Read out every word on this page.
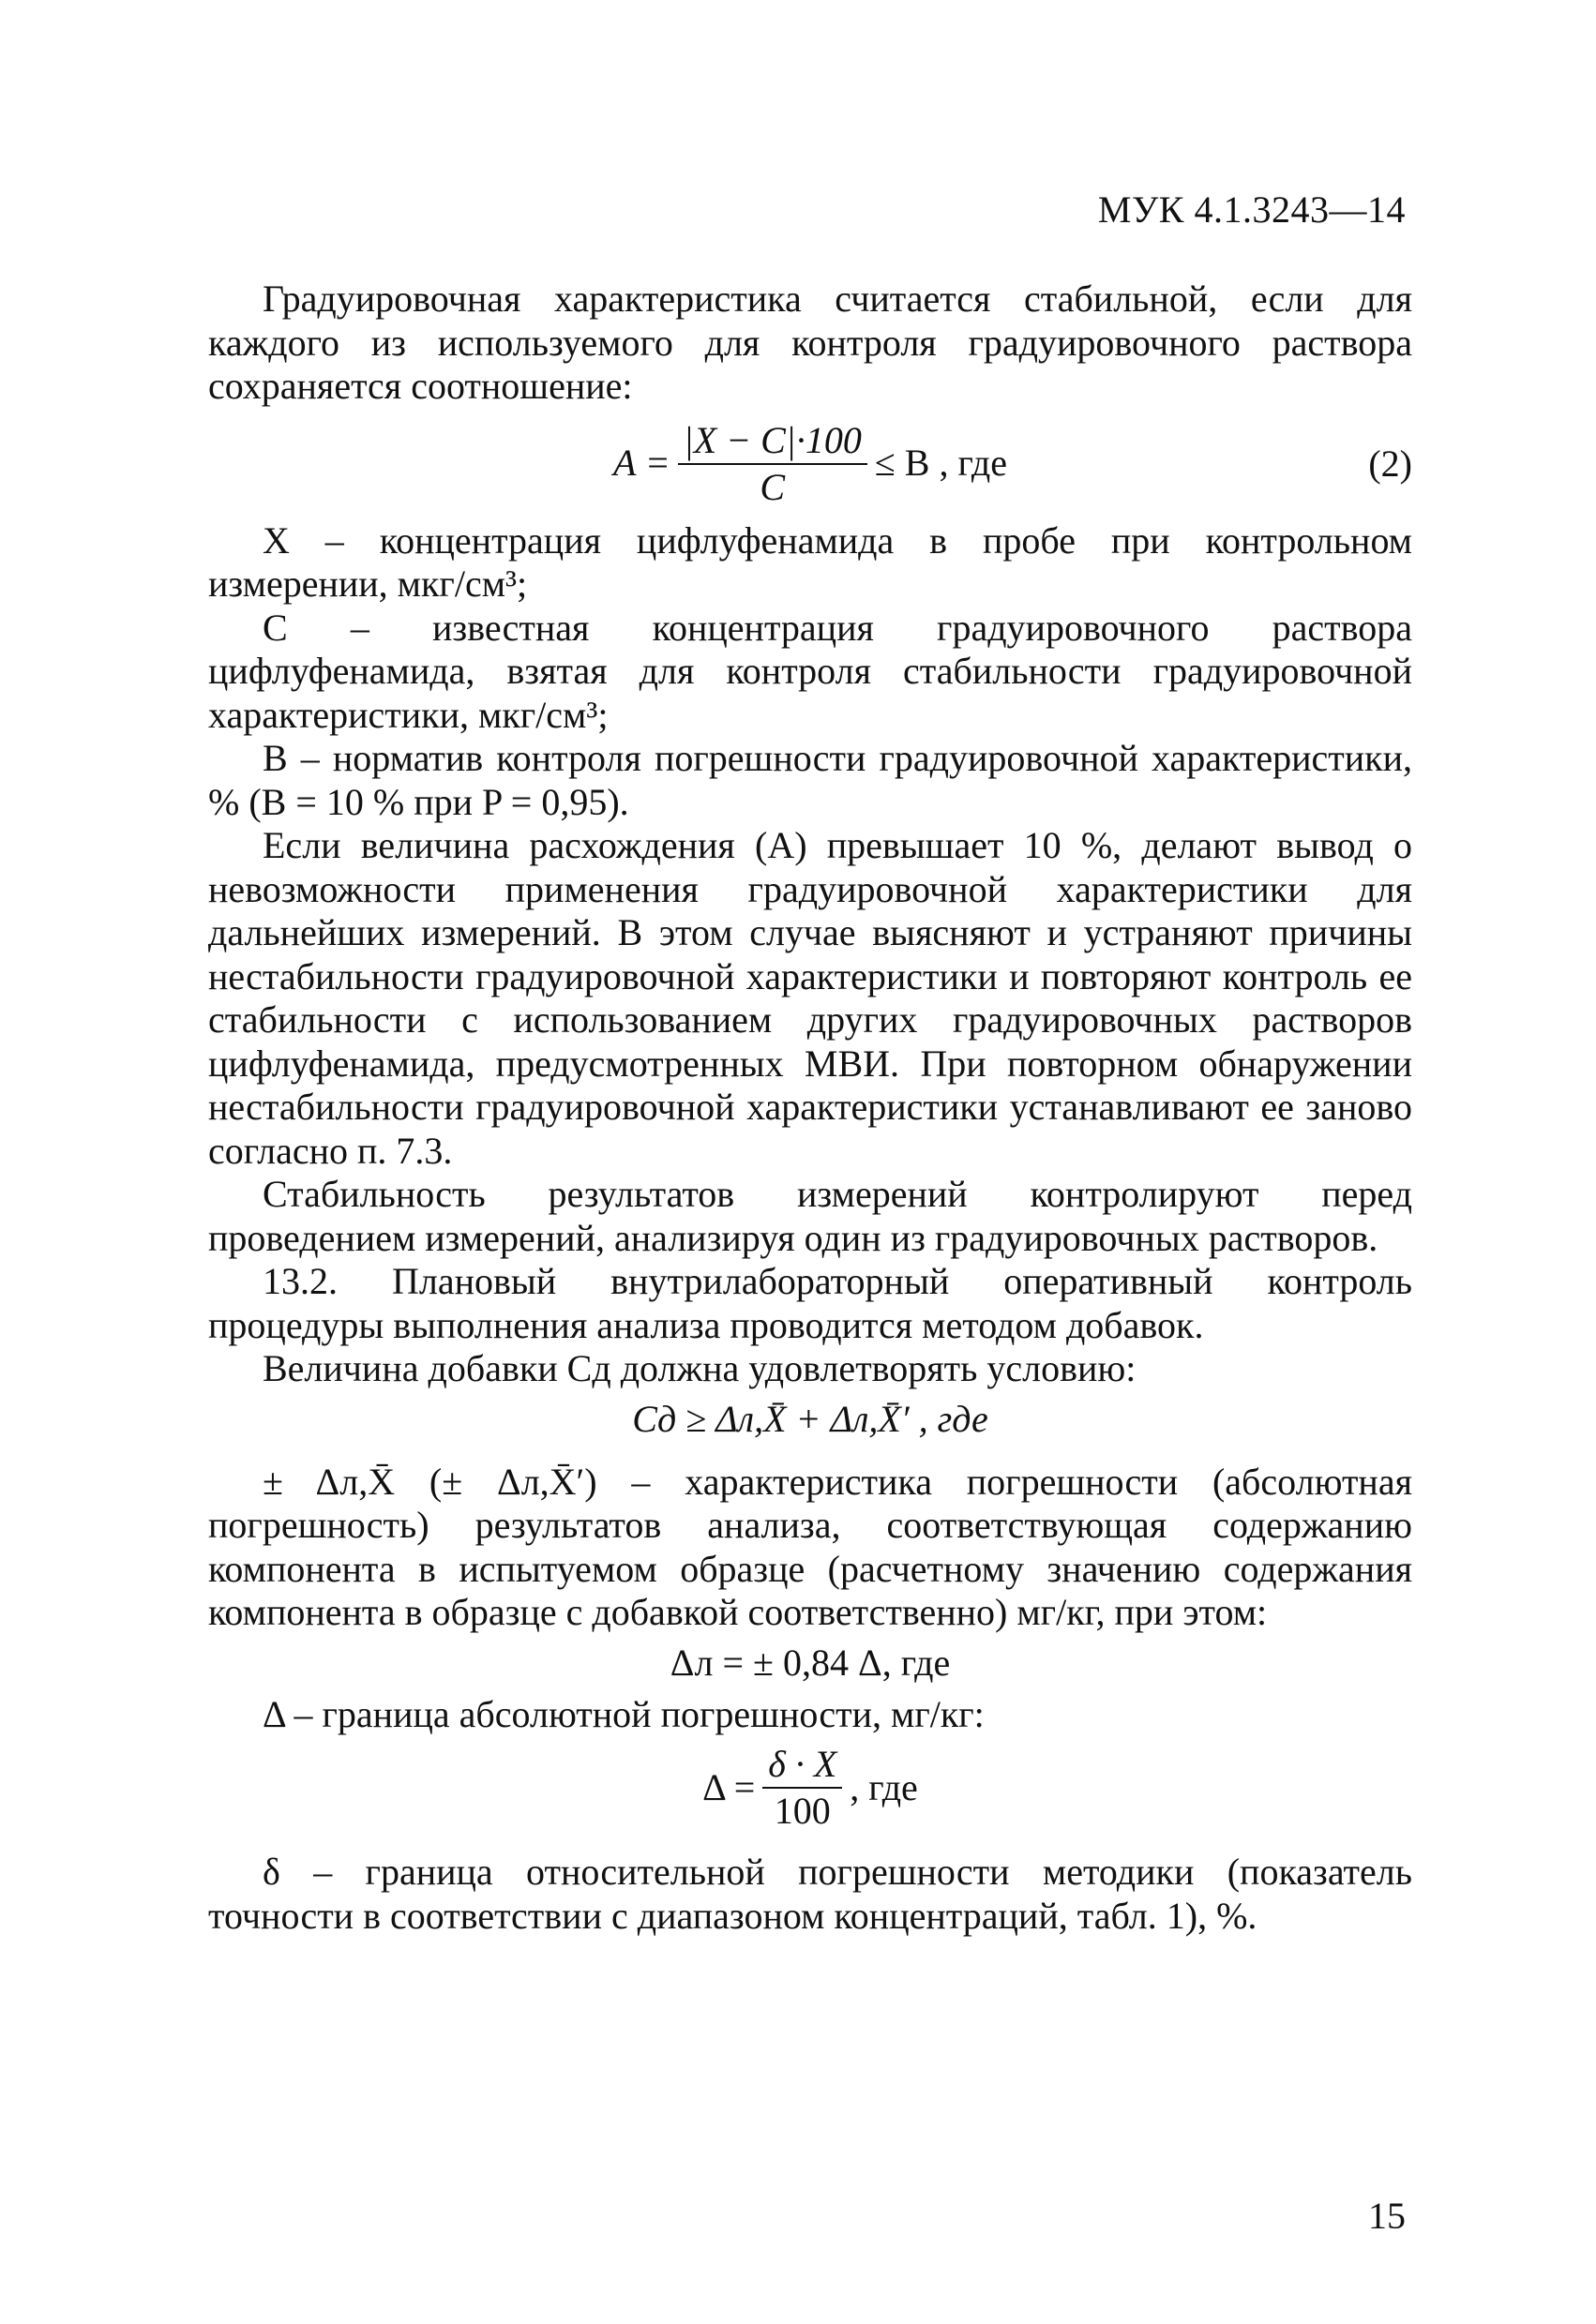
МУК 4.1.3243—14

Градуировочная характеристика считается стабильной, если для каждого из используемого для контроля градуировочного раствора сохраняется соотношение:

$A = \frac{|X - C|\cdot 100}{C} \le B$ , где	(2)

X – концентрация цифлуфенамида в пробе при контрольном измерении, мкг/см³;

C – известная концентрация градуировочного раствора цифлуфенамида, взятая для контроля стабильности градуировочной характеристики, мкг/см³;

B – норматив контроля погрешности градуировочной характеристики, % (B = 10 % при P = 0,95).

Если величина расхождения (A) превышает 10 %, делают вывод о невозможности применения градуировочной характеристики для дальнейших измерений. В этом случае выясняют и устраняют причины нестабильности градуировочной характеристики и повторяют контроль ее стабильности с использованием других градуировочных растворов цифлуфенамида, предусмотренных МВИ. При повторном обнаружении нестабильности градуировочной характеристики устанавливают ее заново согласно п. 7.3.

Стабильность результатов измерений контролируют перед проведением измерений, анализируя один из градуировочных растворов.

13.2. Плановый внутрилабораторный оперативный контроль процедуры выполнения анализа проводится методом добавок.

Величина добавки Cд должна удовлетворять условию:

Cд ≥ Δл,X̄ + Δл,X̄′ , где

± Δл,X̄ (± Δл,X̄′) – характеристика погрешности (абсолютная погрешность) результатов анализа, соответствующая содержанию компонента в испытуемом образце (расчетному значению содержания компонента в образце с добавкой соответственно) мг/кг, при этом:

Δл = ± 0,84 Δ, где

Δ – граница абсолютной погрешности, мг/кг:

$\Delta = \frac{\delta \cdot X}{100}$ , где

δ – граница относительной погрешности методики (показатель точности в соответствии с диапазоном концентраций, табл. 1), %.

15
